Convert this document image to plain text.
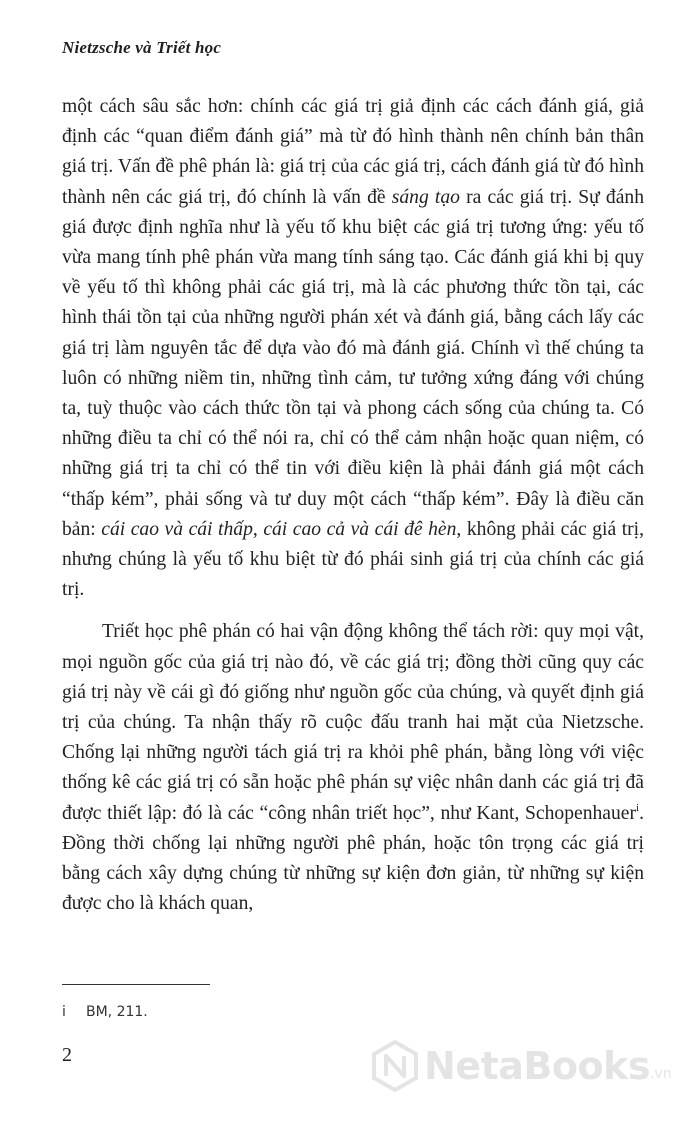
Nietzsche và Triết học

một cách sâu sắc hơn: chính các giá trị giả định các cách đánh giá, giả định các “quan điểm đánh giá” mà từ đó hình thành nên chính bản thân giá trị. Vấn đề phê phán là: giá trị của các giá trị, cách đánh giá từ đó hình thành nên các giá trị, đó chính là vấn đề sáng tạo ra các giá trị. Sự đánh giá được định nghĩa như là yếu tố khu biệt các giá trị tương ứng: yếu tố vừa mang tính phê phán vừa mang tính sáng tạo. Các đánh giá khi bị quy về yếu tố thì không phải các giá trị, mà là các phương thức tồn tại, các hình thái tồn tại của những người phán xét và đánh giá, bằng cách lấy các giá trị làm nguyên tắc để dựa vào đó mà đánh giá. Chính vì thế chúng ta luôn có những niềm tin, những tình cảm, tư tưởng xứng đáng với chúng ta, tuỳ thuộc vào cách thức tồn tại và phong cách sống của chúng ta. Có những điều ta chỉ có thể nói ra, chỉ có thể cảm nhận hoặc quan niệm, có những giá trị ta chỉ có thể tin với điều kiện là phải đánh giá một cách “thấp kém”, phải sống và tư duy một cách “thấp kém”. Đây là điều căn bản: cái cao và cái thấp, cái cao cả và cái đê hèn, không phải các giá trị, nhưng chúng là yếu tố khu biệt từ đó phái sinh giá trị của chính các giá trị.

Triết học phê phán có hai vận động không thể tách rời: quy mọi vật, mọi nguồn gốc của giá trị nào đó, về các giá trị; đồng thời cũng quy các giá trị này về cái gì đó giống như nguồn gốc của chúng, và quyết định giá trị của chúng. Ta nhận thấy rõ cuộc đấu tranh hai mặt của Nietzsche. Chống lại những người tách giá trị ra khỏi phê phán, bằng lòng với việc thống kê các giá trị có sẵn hoặc phê phán sự việc nhân danh các giá trị đã được thiết lập: đó là các “công nhân triết học”, như Kant, Schopenhauer$^i$. Đồng thời chống lại những người phê phán, hoặc tôn trọng các giá trị bằng cách xây dựng chúng từ những sự kiện đơn giản, từ những sự kiện được cho là khách quan,

i BM, 211.
2	NetaBooks .vn
